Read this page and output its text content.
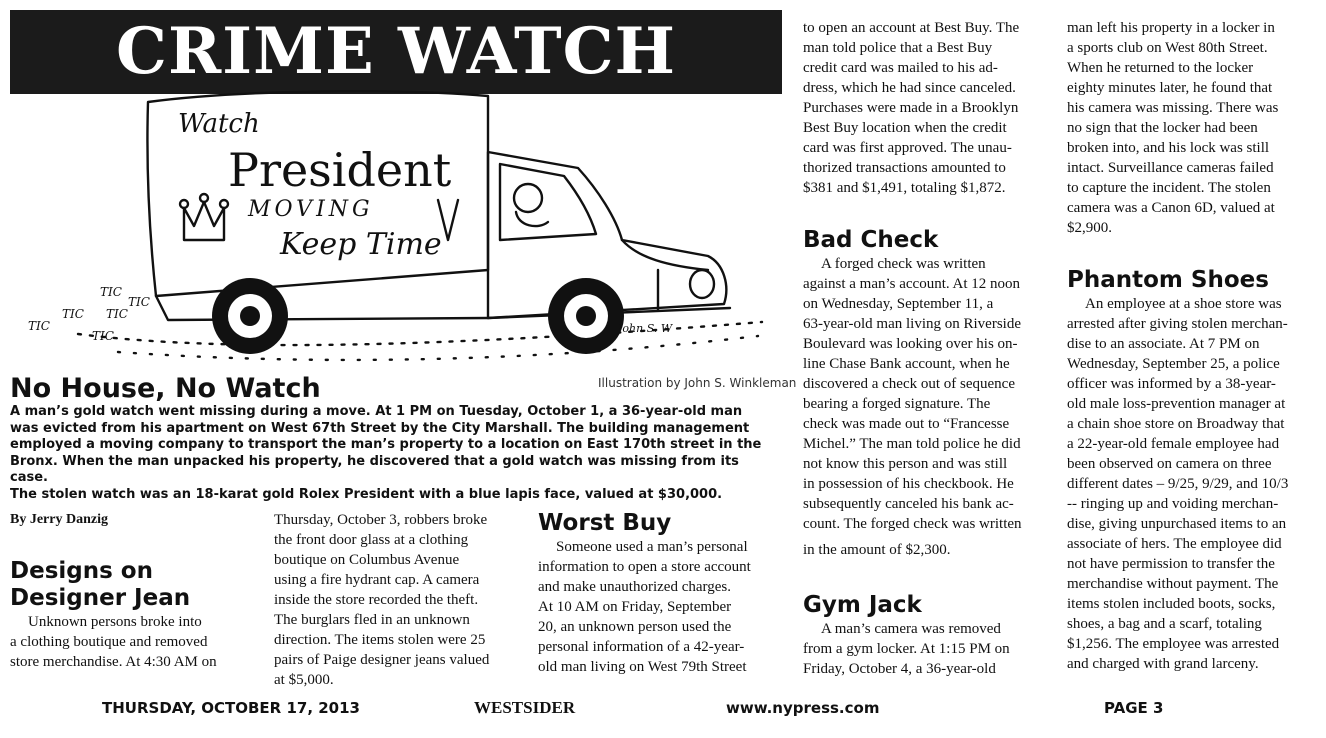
CRIME WATCH
Watch
President
MOVING
Keep Time
TIC
TIC
TIC
TIC
TIC
TIC
John S. W
Illustration by John S. Winkleman
No House, No Watch
A man’s gold watch went missing during a move. At 1 PM on Tuesday, October 1, a 36-year-old man
was evicted from his apartment on West 67th Street by the City Marshall. The building management
employed a moving company to transport the man’s property to a location on East 170th street in the
Bronx. When the man unpacked his property, he discovered that a gold watch was missing from its case.
The stolen watch was an 18-karat gold Rolex President with a blue lapis face, valued at $30,000.
By Jerry Danzig
Designs on
Designer Jean
Unknown persons broke into
a clothing boutique and removed
store merchandise. At 4:30 AM on
Thursday, October 3, robbers broke
the front door glass at a clothing
boutique on Columbus Avenue
using a fire hydrant cap. A camera
inside the store recorded the theft.
The burglars fled in an unknown
direction. The items stolen were 25
pairs of Paige designer jeans valued
at $5,000.
Worst Buy
Someone used a man’s personal
information to open a store account
and make unauthorized charges.
At 10 AM on Friday, September
20, an unknown person used the
personal information of a 42-year-
old man living on West 79th Street
to open an account at Best Buy. The
man told police that a Best Buy
credit card was mailed to his ad-
dress, which he had since canceled.
Purchases were made in a Brooklyn
Best Buy location when the credit
card was first approved. The unau-
thorized transactions amounted to
$381 and $1,491, totaling $1,872.
Bad Check
A forged check was written
against a man’s account. At 12 noon
on Wednesday, September 11, a
63-year-old man living on Riverside
Boulevard was looking over his on-
line Chase Bank account, when he
discovered a check out of sequence
bearing a forged signature. The
check was made out to “Francesse
Michel.” The man told police he did
not know this person and was still
in possession of his checkbook. He
subsequently canceled his bank ac-
count. The forged check was written
in the amount of $2,300.
Gym Jack
A man’s camera was removed
from a gym locker. At 1:15 PM on
Friday, October 4, a 36-year-old
man left his property in a locker in
a sports club on West 80th Street.
When he returned to the locker
eighty minutes later, he found that
his camera was missing. There was
no sign that the locker had been
broken into, and his lock was still
intact. Surveillance cameras failed
to capture the incident. The stolen
camera was a Canon 6D, valued at
$2,900.
Phantom Shoes
An employee at a shoe store was
arrested after giving stolen merchan-
dise to an associate. At 7 PM on
Wednesday, September 25, a police
officer was informed by a 38-year-
old male loss-prevention manager at
a chain shoe store on Broadway that
a 22-year-old female employee had
been observed on camera on three
different dates – 9/25, 9/29, and 10/3
-- ringing up and voiding merchan-
dise, giving unpurchased items to an
associate of hers. The employee did
not have permission to transfer the
merchandise without payment. The
items stolen included boots, socks,
shoes, a bag and a scarf, totaling
$1,256. The employee was arrested
and charged with grand larceny.
THURSDAY, OCTOBER 17, 2013	WESTSIDER	www.nypress.com	PAGE 3
